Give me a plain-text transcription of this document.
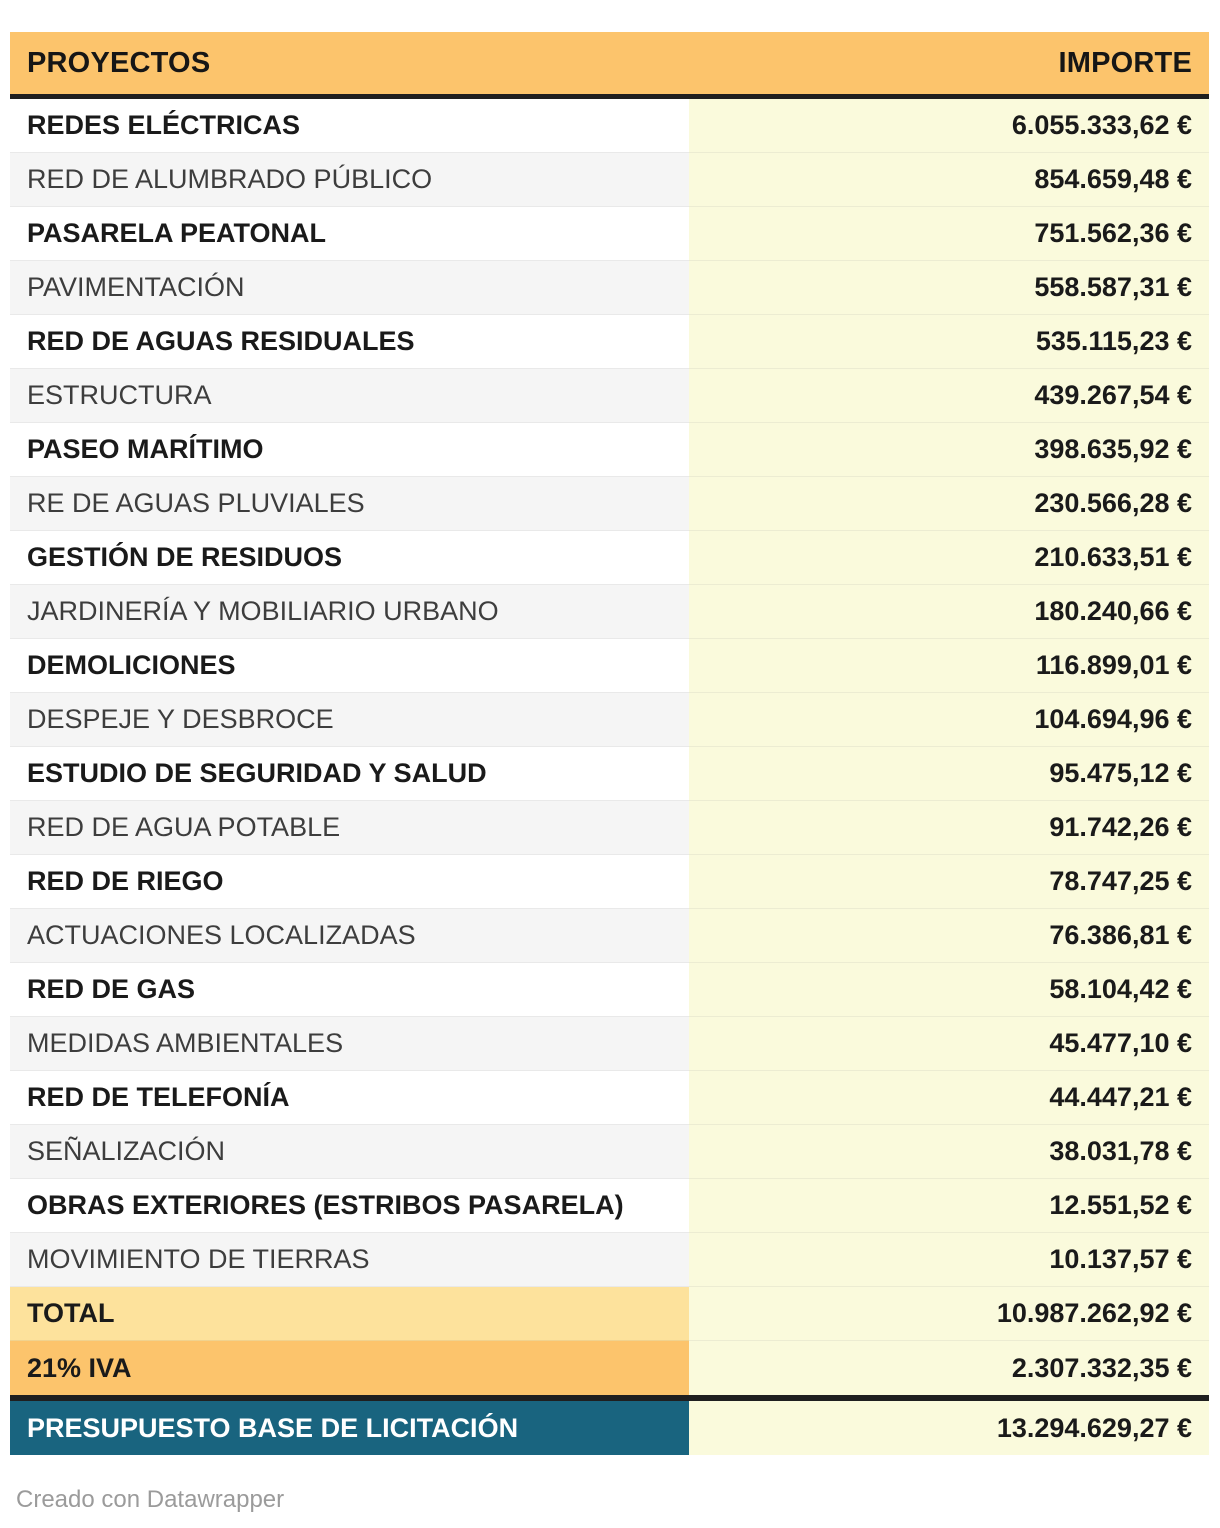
PROYECTOS	IMPORTE
REDES ELÉCTRICAS	6.055.333,62 €
RED DE ALUMBRADO PÚBLICO	854.659,48 €
PASARELA PEATONAL	751.562,36 €
PAVIMENTACIÓN	558.587,31 €
RED DE AGUAS RESIDUALES	535.115,23 €
ESTRUCTURA	439.267,54 €
PASEO MARÍTIMO	398.635,92 €
RE DE AGUAS PLUVIALES	230.566,28 €
GESTIÓN DE RESIDUOS	210.633,51 €
JARDINERÍA Y MOBILIARIO URBANO	180.240,66 €
DEMOLICIONES	116.899,01 €
DESPEJE Y DESBROCE	104.694,96 €
ESTUDIO DE SEGURIDAD Y SALUD	95.475,12 €
RED DE AGUA POTABLE	91.742,26 €
RED DE RIEGO	78.747,25 €
ACTUACIONES LOCALIZADAS	76.386,81 €
RED DE GAS	58.104,42 €
MEDIDAS AMBIENTALES	45.477,10 €
RED DE TELEFONÍA	44.447,21 €
SEÑALIZACIÓN	38.031,78 €
OBRAS EXTERIORES (ESTRIBOS PASARELA)	12.551,52 €
MOVIMIENTO DE TIERRAS	10.137,57 €
TOTAL	10.987.262,92 €
21% IVA	2.307.332,35 €
PRESUPUESTO BASE DE LICITACIÓN	13.294.629,27 €
Creado con Datawrapper
